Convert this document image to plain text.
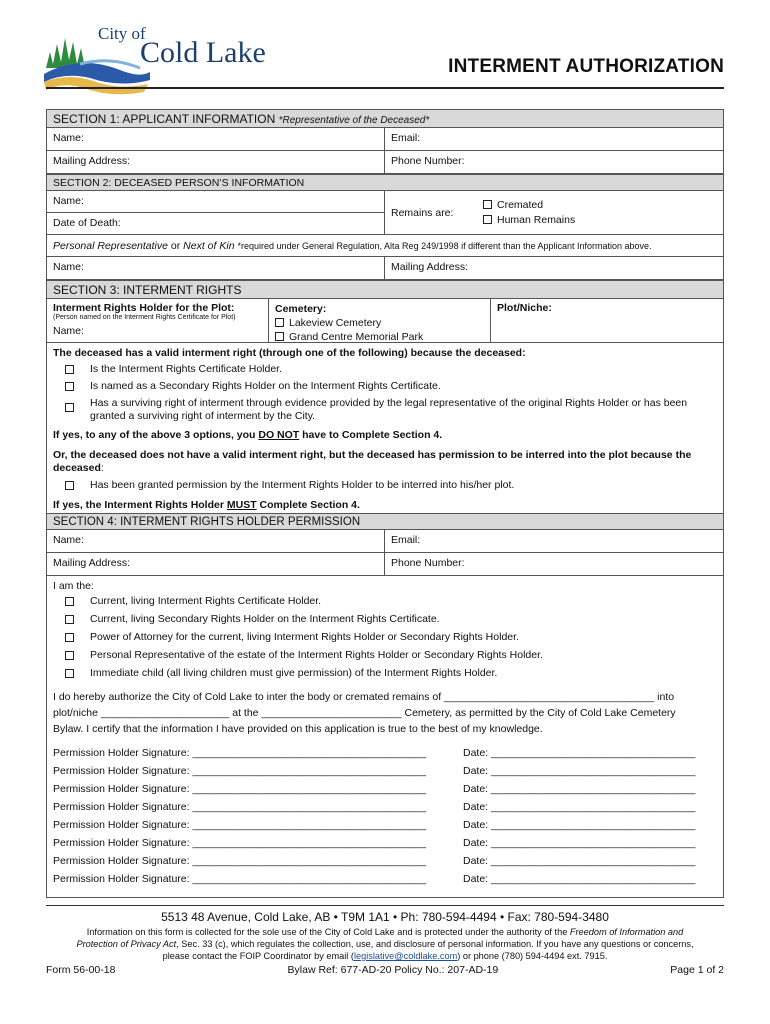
City of
Cold Lake	INTERMENT AUTHORIZATION
SECTION 1: APPLICANT INFORMATION *Representative of the Deceased*
Name:	Email:
Mailing Address:	Phone Number:
SECTION 2: DECEASED PERSON’S INFORMATION
Name:
Date of Death:
Remains are:
Cremated
Human Remains
Personal Representative or Next of Kin *required under General Regulation, Alta Reg 249/1998 if different than the Applicant Information above.
Name:	Mailing Address:
SECTION 3: INTERMENT RIGHTS
Interment Rights Holder for the Plot:
(Person named on the Interment Rights Certificate for Plot)
Name:
Cemetery:
Lakeview Cemetery
Grand Centre Memorial Park
Plot/Niche:
The deceased has a valid interment right (through one of the following) because the deceased:
Is the Interment Rights Certificate Holder.
Is named as a Secondary Rights Holder on the Interment Rights Certificate.
Has a surviving right of interment through evidence provided by the legal representative of the original Rights Holder or has been granted a surviving right of interment by the City.
If yes, to any of the above 3 options, you DO NOT have to Complete Section 4.
Or, the deceased does not have a valid interment right, but the deceased has permission to be interred into the plot because the deceased:
Has been granted permission by the Interment Rights Holder to be interred into his/her plot.
If yes, the Interment Rights Holder MUST Complete Section 4.
SECTION 4: INTERMENT RIGHTS HOLDER PERMISSION
Name:	Email:
Mailing Address:	Phone Number:
I am the:
Current, living Interment Rights Certificate Holder.
Current, living Secondary Rights Holder on the Interment Rights Certificate.
Power of Attorney for the current, living Interment Rights Holder or Secondary Rights Holder.
Personal Representative of the estate of the Interment Rights Holder or Secondary Rights Holder.
Immediate child (all living children must give permission) of the Interment Rights Holder.
I do hereby authorize the City of Cold Lake to inter the body or cremated remains of ____________________________________ into
plot/niche ______________________ at the ________________________ Cemetery, as permitted by the City of Cold Lake Cemetery
Bylaw. I certify that the information I have provided on this application is true to the best of my knowledge.
Permission Holder Signature: ________________________________________	Date: ___________________________________
Permission Holder Signature: ________________________________________	Date: ___________________________________
Permission Holder Signature: ________________________________________	Date: ___________________________________
Permission Holder Signature: ________________________________________	Date: ___________________________________
Permission Holder Signature: ________________________________________	Date: ___________________________________
Permission Holder Signature: ________________________________________	Date: ___________________________________
Permission Holder Signature: ________________________________________	Date: ___________________________________
Permission Holder Signature: ________________________________________	Date: ___________________________________
5513 48 Avenue, Cold Lake, AB • T9M 1A1 • Ph: 780-594-4494 • Fax: 780-594-3480
Information on this form is collected for the sole use of the City of Cold Lake and is protected under the authority of the Freedom of Information and
Protection of Privacy Act, Sec. 33 (c), which regulates the collection, use, and disclosure of personal information. If you have any questions or concerns,
please contact the FOIP Coordinator by email (legislative@coldlake.com) or phone (780) 594-4494 ext. 7915.
Form 56-00-18	Bylaw Ref: 677-AD-20 Policy No.: 207-AD-19	Page 1 of 2
